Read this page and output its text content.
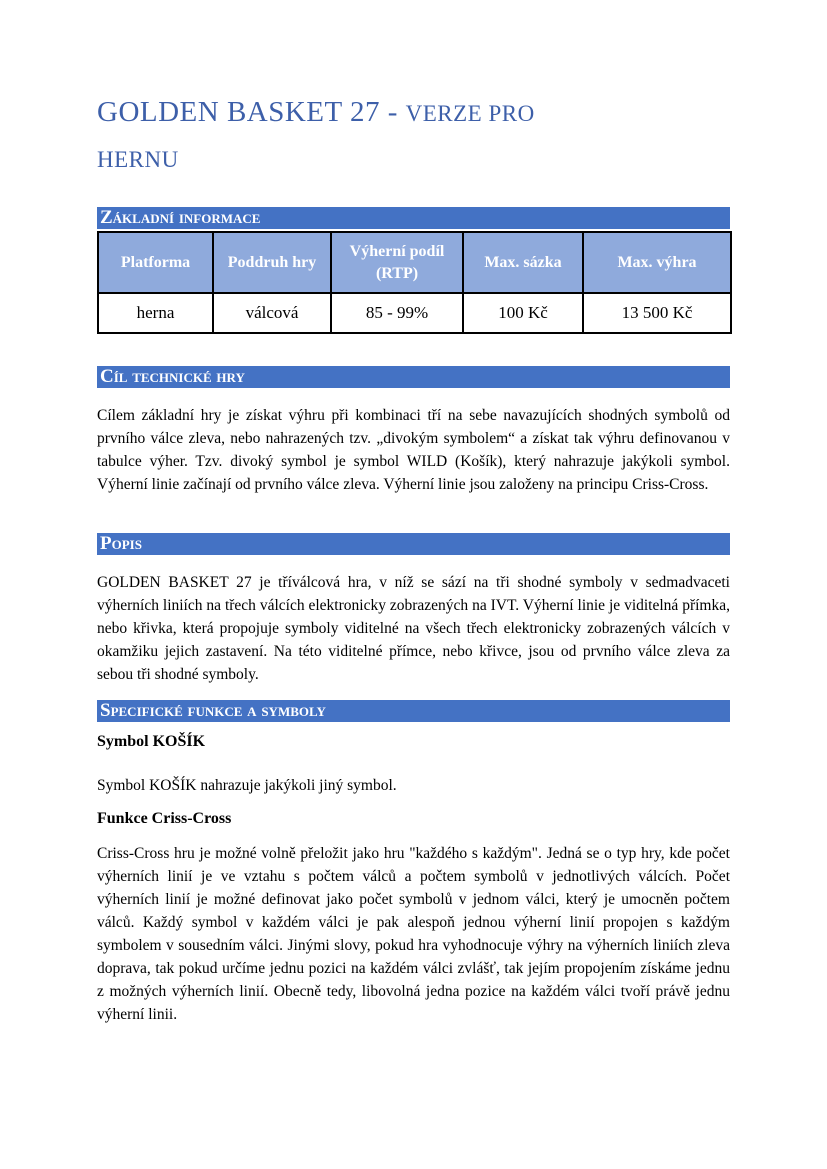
GOLDEN BASKET 27 - VERZE PRO
HERNU
Základní informace
Platforma	Poddruh hry	Výherní podíl (RTP)	Max. sázka	Max. výhra
herna	válcová	85 - 99%	100 Kč	13 500 Kč
Cíl technické hry

Cílem základní hry je získat výhru při kombinaci tří na sebe navazujících shodných symbolů od prvního válce zleva, nebo nahrazených tzv. „divokým symbolem“ a získat tak výhru definovanou v tabulce výher. Tzv. divoký symbol je symbol WILD (Košík), který nahrazuje jakýkoli symbol. Výherní linie začínají od prvního válce zleva. Výherní linie jsou založeny na principu Criss-Cross.

Popis

GOLDEN BASKET 27 je tříválcová hra, v níž se sází na tři shodné symboly v sedmadvaceti výherních liniích na třech válcích elektronicky zobrazených na IVT. Výherní linie je viditelná přímka, nebo křivka, která propojuje symboly viditelné na všech třech elektronicky zobrazených válcích v okamžiku jejich zastavení. Na této viditelné přímce, nebo křivce, jsou od prvního válce zleva za sebou tři shodné symboly.

Specifické funkce a symboly
Symbol KOŠÍK

Symbol KOŠÍK nahrazuje jakýkoli jiný symbol.

Funkce Criss-Cross

Criss-Cross hru je možné volně přeložit jako hru "každého s každým". Jedná se o typ hry, kde počet výherních linií je ve vztahu s počtem válců a počtem symbolů v jednotlivých válcích. Počet výherních linií je možné definovat jako počet symbolů v jednom válci, který je umocněn počtem válců. Každý symbol v každém válci je pak alespoň jednou výherní linií propojen s každým symbolem v sousedním válci. Jinými slovy, pokud hra vyhodnocuje výhry na výherních liniích zleva doprava, tak pokud určíme jednu pozici na každém válci zvlášť, tak jejím propojením získáme jednu z možných výherních linií. Obecně tedy, libovolná jedna pozice na každém válci tvoří právě jednu výherní linii.
